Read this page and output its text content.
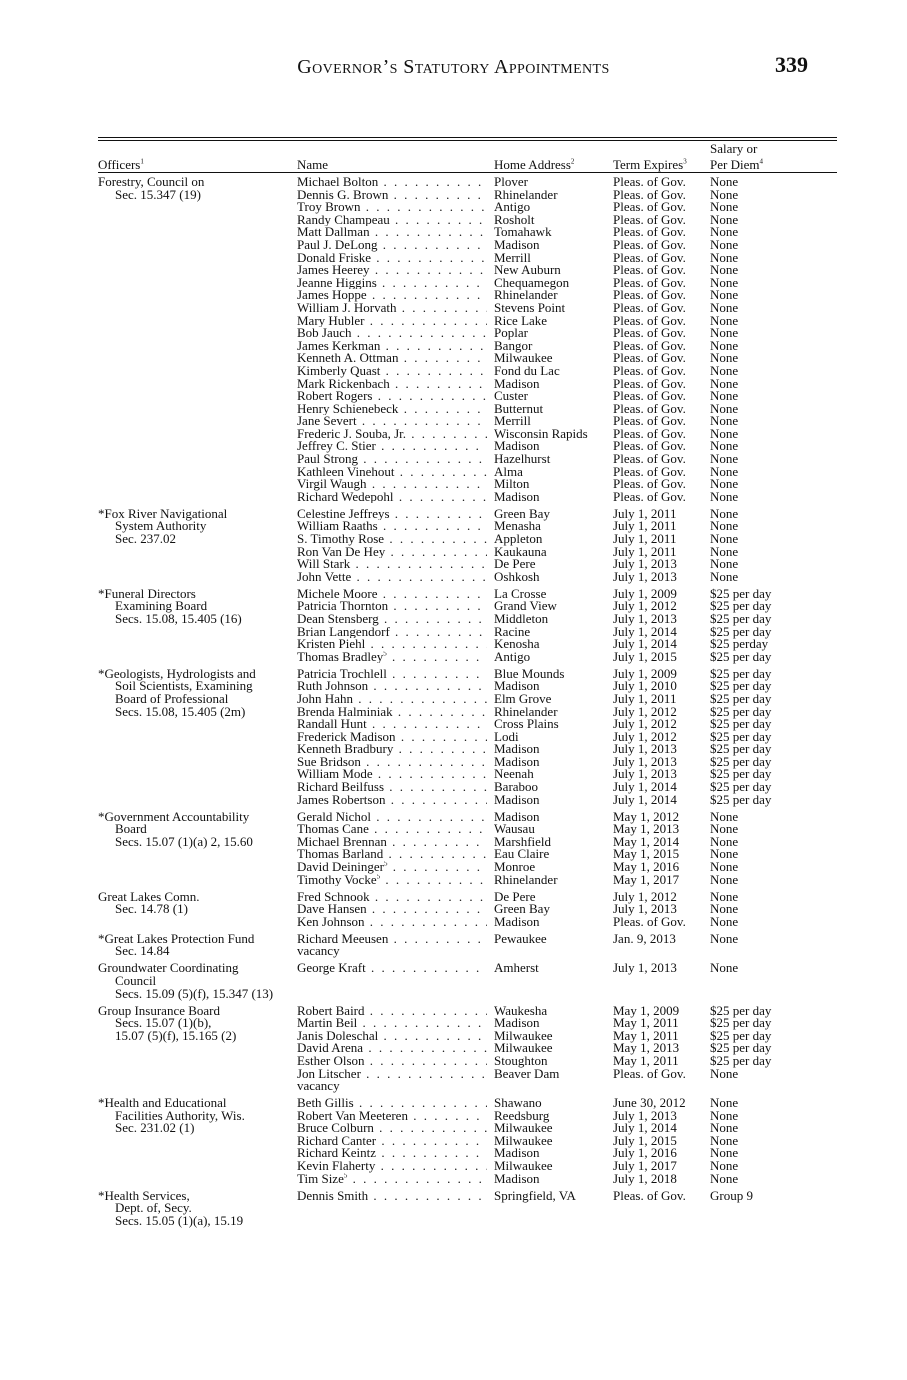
Governor’s Statutory Appointments	339
Officers$^1$	Name	Home Address$^2$	Term Expires$^3$
Salary or
Per Diem$^4$
Forestry, Council on
Sec. 15.347 (19)
Michael Bolton . . .	Plover	Pleas. of Gov. None
Dennis G. Brown . . .	Rhinelander	Pleas. of Gov. None
Troy Brown . . .	Antigo	Pleas. of Gov. None
Randy Champeau . . .	Rosholt	Pleas. of Gov. None
Matt Dallman . . .	Tomahawk	Pleas. of Gov. None
Paul J. DeLong . . .	Madison	Pleas. of Gov. None
Donald Friske . . .	Merrill	Pleas. of Gov. None
James Heerey . . .	New Auburn	Pleas. of Gov. None
Jeanne Higgins . . .	Chequamegon	Pleas. of Gov. None
James Hoppe . . .	Rhinelander	Pleas. of Gov. None
William J. Horvath . . .	Stevens Point	Pleas. of Gov. None
Mary Hubler . . .	Rice Lake	Pleas. of Gov. None
Bob Jauch . . .	Poplar	Pleas. of Gov. None
James Kerkman . . .	Bangor	Pleas. of Gov. None
Kenneth A. Ottman . . .	Milwaukee	Pleas. of Gov. None
Kimberly Quast . . .	Fond du Lac	Pleas. of Gov. None
Mark Rickenbach . . .	Madison	Pleas. of Gov. None
Robert Rogers . . .	Custer	Pleas. of Gov. None
Henry Schienebeck . . .	Butternut	Pleas. of Gov. None
Jane Severt . . .	Merrill	Pleas. of Gov. None
Frederic J. Souba, Jr. . . .	Wisconsin Rapids Pleas. of Gov. None
Jeffrey C. Stier . . .	Madison	Pleas. of Gov. None
Paul Strong . . .	Hazelhurst	Pleas. of Gov. None
Kathleen Vinehout . . .	Alma	Pleas. of Gov. None
Virgil Waugh . . .	Milton	Pleas. of Gov. None
Richard Wedepohl . . .	Madison	Pleas. of Gov. None
*Fox River Navigational
System Authority
Sec. 237.02
Celestine Jeffreys . . .	Green Bay	July 1, 2011	None
William Raaths . . .	Menasha	July 1, 2011	None
S. Timothy Rose . . .	Appleton	July 1, 2011	None
Ron Van De Hey . . .	Kaukauna	July 1, 2011	None
Will Stark . . .	De Pere	July 1, 2013	None
John Vette . . .	Oshkosh	July 1, 2013	None
*Funeral Directors
Examining Board
Secs. 15.08, 15.405 (16)
Michele Moore . . .	La Crosse	July 1, 2009	$25 per day
Patricia Thornton . . .	Grand View	July 1, 2012	$25 per day
Dean Stensberg . . .	Middleton	July 1, 2013	$25 per day
Brian Langendorf . . .	Racine	July 1, 2014	$25 per day
Kristen Piehl . . .	Kenosha	July 1, 2014	$25 perday
Thomas Bradley$^5$ . . .	Antigo	July 1, 2015	$25 per day
*Geologists, Hydrologists and
Soil Scientists, Examining
Board of Professional
Secs. 15.08, 15.405 (2m)
Patricia Trochlell . . .	Blue Mounds	July 1, 2009	$25 per day
Ruth Johnson . . .	Madison	July 1, 2010	$25 per day
John Hahn . . .	Elm Grove	July 1, 2011	$25 per day
Brenda Halminiak . . .	Rhinelander	July 1, 2012	$25 per day
Randall Hunt . . .	Cross Plains	July 1, 2012	$25 per day
Frederick Madison . . .	Lodi	July 1, 2012	$25 per day
Kenneth Bradbury . . .	Madison	July 1, 2013	$25 per day
Sue Bridson . . .	Madison	July 1, 2013	$25 per day
William Mode . . .	Neenah	July 1, 2013	$25 per day
Richard Beilfuss . . .	Baraboo	July 1, 2014	$25 per day
James Robertson . . .	Madison	July 1, 2014	$25 per day
*Government Accountability
Board
Secs. 15.07 (1)(a) 2, 15.60
Gerald Nichol . . .	Madison	May 1, 2012 None
Thomas Cane . . .	Wausau	May 1, 2013 None
Michael Brennan . . .	Marshfield	May 1, 2014 None
Thomas Barland . . .	Eau Claire	May 1, 2015 None
David Deininger$^5$ . . .	Monroe	May 1, 2016 None
Timothy Vocke$^5$ . . .	Rhinelander	May 1, 2017 None
Great Lakes Comn.
Sec. 14.78 (1)
Fred Schnook . . .	De Pere	July 1, 2012	None
Dave Hansen . . .	Green Bay	July 1, 2013	None
Ken Johnson . . .	Madison	Pleas. of Gov. None
*Great Lakes Protection Fund
Sec. 14.84
Richard Meeusen . . .	Pewaukee	Jan. 9, 2013	None
vacancy
Groundwater Coordinating
Council
Secs. 15.09 (5)(f), 15.347 (13)
George Kraft . . .	Amherst	July 1, 2013	None
Group Insurance Board
Secs. 15.07 (1)(b),
15.07 (5)(f), 15.165 (2)
Robert Baird . . .	Waukesha	May 1, 2009 $25 per day
Martin Beil . . .	Madison	May 1, 2011 $25 per day
Janis Doleschal . . .	Milwaukee	May 1, 2011 $25 per day
David Arena . . .	Milwaukee	May 1, 2013 $25 per day
Esther Olson . . .	Stoughton	May 1, 2011 $25 per day
Jon Litscher . . .	Beaver Dam	Pleas. of Gov. None
vacancy
*Health and Educational
Facilities Authority, Wis.
Sec. 231.02 (1)
Beth Gillis . . .	Shawano	June 30, 2012 None
Robert Van Meeteren . . .	Reedsburg	July 1, 2013	None
Bruce Colburn . . .	Milwaukee	July 1, 2014	None
Richard Canter . . .	Milwaukee	July 1, 2015	None
Richard Keintz . . .	Madison	July 1, 2016	None
Kevin Flaherty . . .	Milwaukee	July 1, 2017	None
Tim Size$^5$ . . .	Madison	July 1, 2018	None
*Health Services,
Dept. of, Secy.
Secs. 15.05 (1)(a), 15.19
Dennis Smith . . .	Springfield, VA	Pleas. of Gov. Group 9
